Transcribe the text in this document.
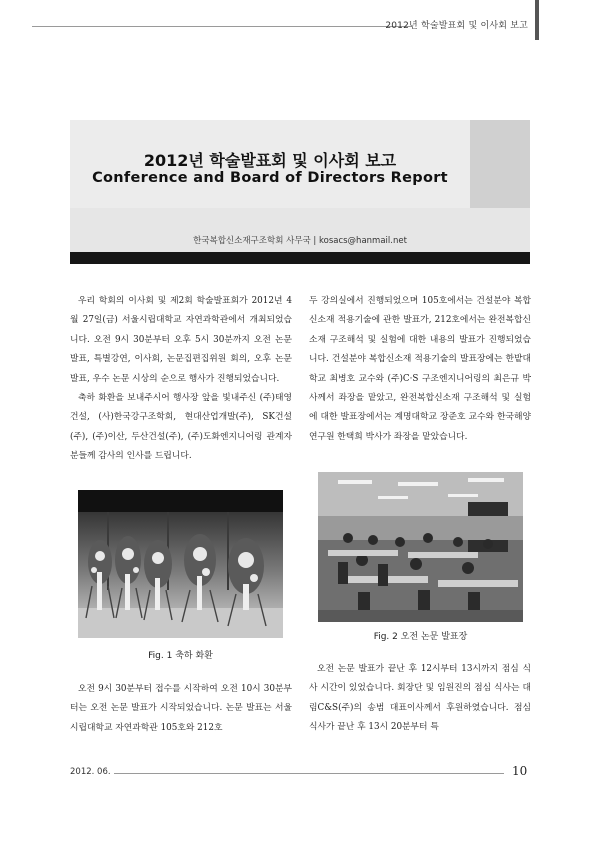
2012년 학술발표회 및 이사회 보고
2012년 학술발표회 및 이사회 보고
Conference and Board of Directors Report
한국복합신소재구조학회 사무국 | kosacs@hanmail.net

우리 학회의 이사회 및 제2회 학술발표회가 2012년 4월 27일(금) 서울시립대학교 자연과학관에서 개최되었습니다. 오전 9시 30분부터 오후 5시 30분까지 오전 논문 발표, 특별강연, 이사회, 논문집편집위원 회의, 오후 논문 발표, 우수 논문 시상의 순으로 행사가 진행되었습니다.

축하 화환을 보내주시어 행사장 앞을 빛내주신 (주)태영건설, (사)한국강구조학회, 현대산업개발(주), SK건설(주), (주)이산, 두산건설(주), (주)도화엔지니어링 관계자분들께 감사의 인사를 드립니다.

두 강의실에서 진행되었으며 105호에서는 건설분야 복합신소재 적용기술에 관한 발표가, 212호에서는 완전복합신소재 구조해석 및 실험에 대한 내용의 발표가 진행되었습니다. 건설분야 복합신소재 적용기술의 발표장에는 한밭대학교 최병호 교수와 (주)C·S 구조엔지니어링의 최은규 박사께서 좌장을 맡았고, 완전복합신소재 구조해석 및 실험에 대한 발표장에서는 계명대학교 장준호 교수와 한국해양연구원 한택희 박사가 좌장을 맡았습니다.

Fig. 1 축하 화환
Fig. 2 오전 논문 발표장

오전 9시 30분부터 접수를 시작하여 오전 10시 30분부터는 오전 논문 발표가 시작되었습니다. 논문 발표는 서울시립대학교 자연과학관 105호와 212호

오전 논문 발표가 끝난 후 12시부터 13시까지 점심 식사 시간이 있었습니다. 회장단 및 임원진의 점심 식사는 대림C&S(주)의 송범 대표이사께서 후원하였습니다. 점심 식사가 끝난 후 13시 20분부터 특

2012. 06.	10
